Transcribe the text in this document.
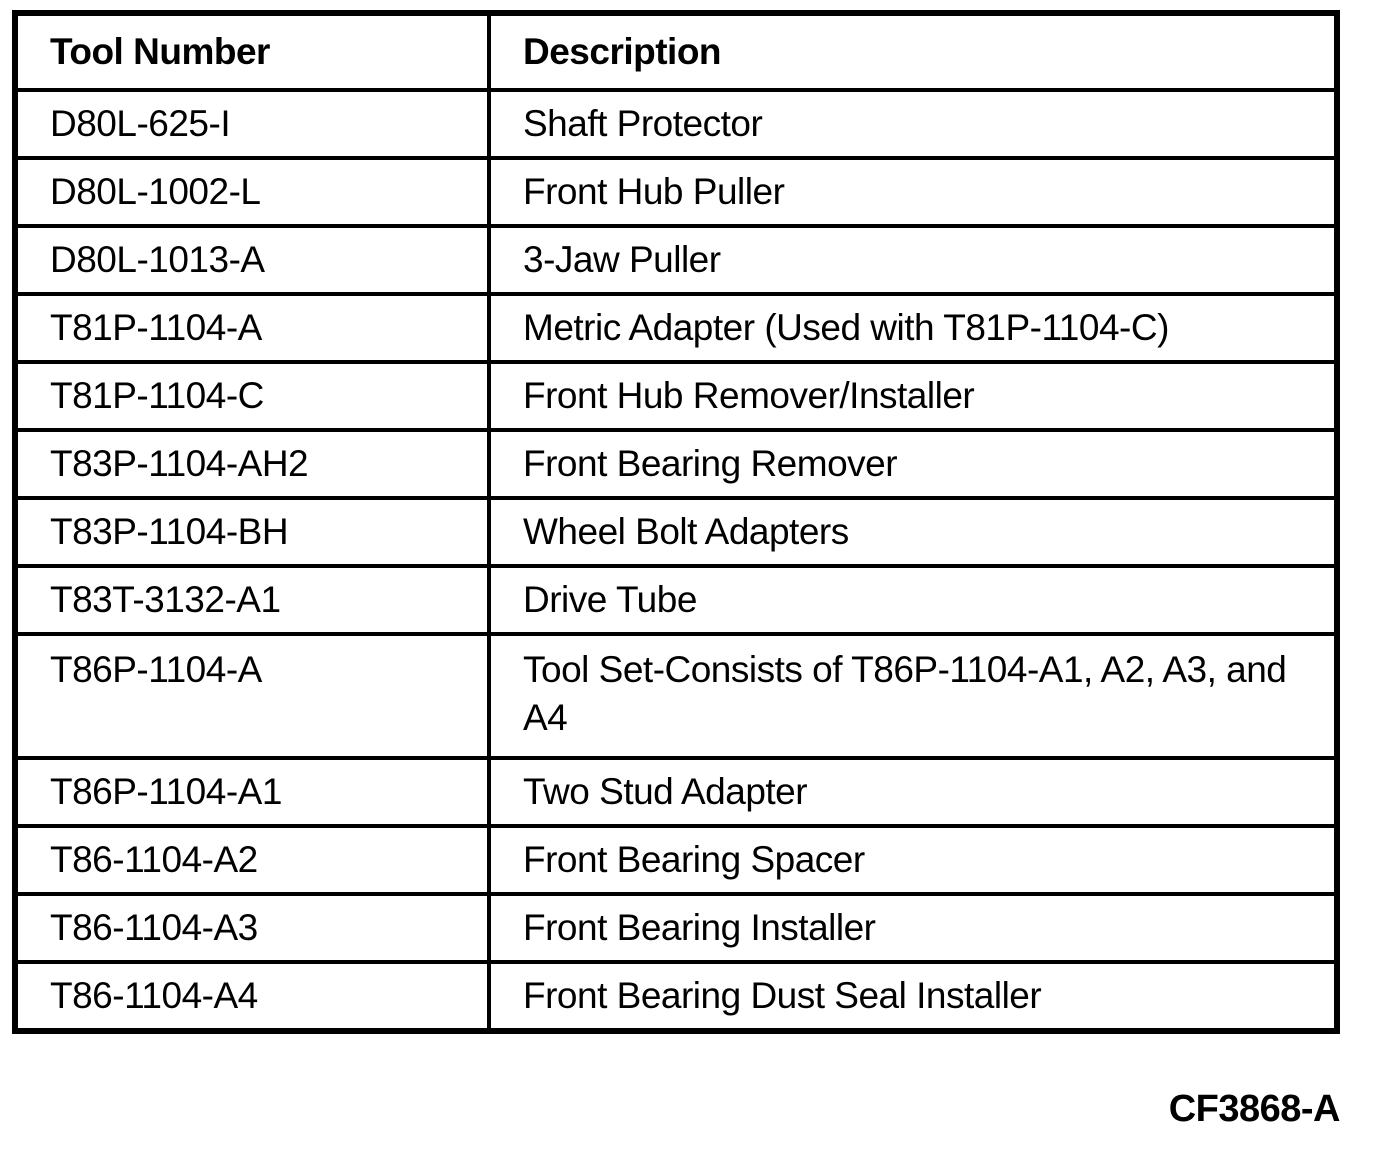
Tool Number	Description
D80L-625-I	Shaft Protector
D80L-1002-L	Front Hub Puller
D80L-1013-A	3-Jaw Puller
T81P-1104-A	Metric Adapter (Used with T81P-1104-C)
T81P-1104-C	Front Hub Remover/Installer
T83P-1104-AH2	Front Bearing Remover
T83P-1104-BH	Wheel Bolt Adapters
T83T-3132-A1	Drive Tube
T86P-1104-A	Tool Set-Consists of T86P-1104-A1, A2, A3, and A4
T86P-1104-A1	Two Stud Adapter
T86-1104-A2	Front Bearing Spacer
T86-1104-A3	Front Bearing Installer
T86-1104-A4	Front Bearing Dust Seal Installer
CF3868-A
